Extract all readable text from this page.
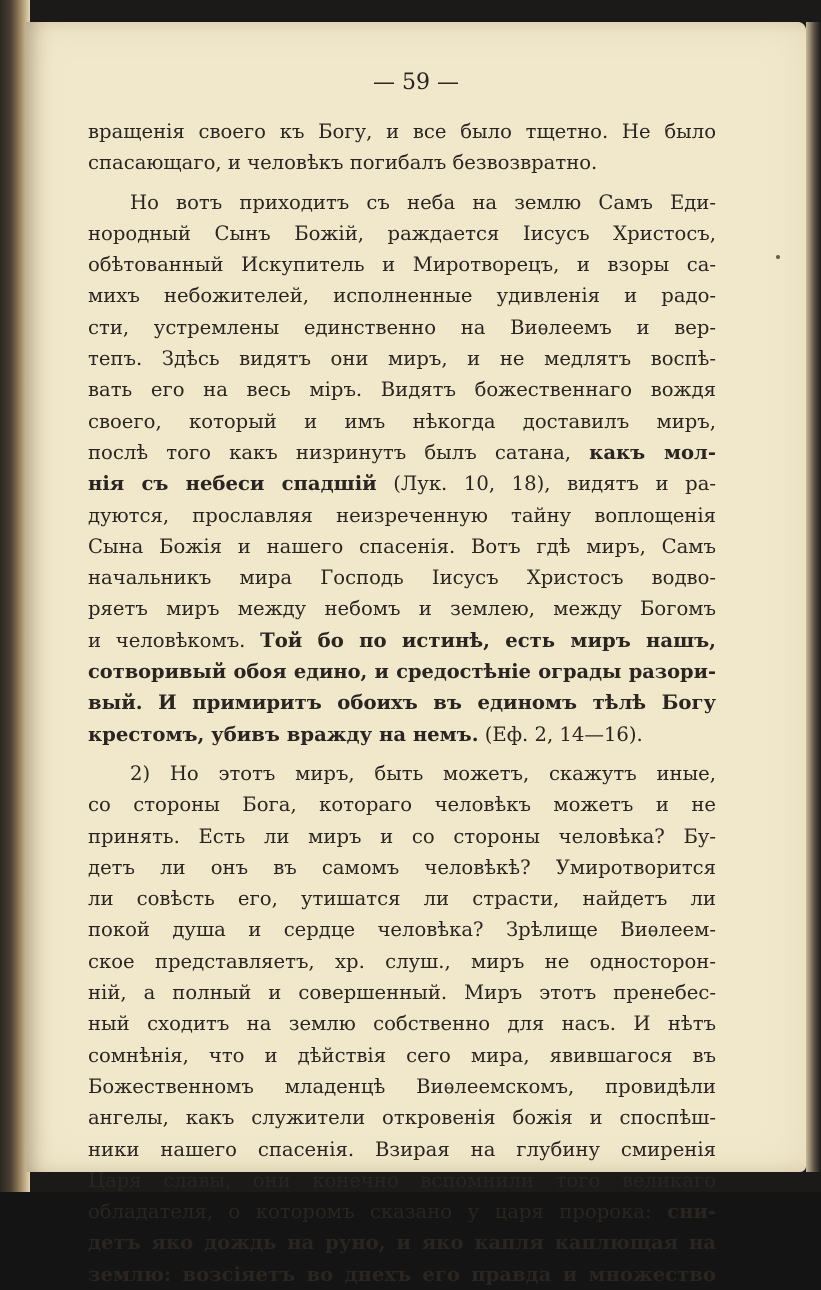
— 59 —
вращенія своего къ Богу, и все было тщетно. Не было
спасающаго, и человѣкъ погибалъ безвозвратно.
Но вотъ приходитъ съ неба на землю Самъ Еди-
нородный Сынъ Божій, раждается Іисусъ Христосъ,
обѣтованный Искупитель и Миротворецъ, и взоры са-
михъ небожителей, исполненные удивленія и радо-
сти, устремлены единственно на Виѳлеемъ и вер-
тепъ. Здѣсь видятъ они миръ, и не медлятъ воспѣ-
вать его на весь міръ. Видятъ божественнаго вождя
своего, который и имъ нѣкогда доставилъ миръ,
послѣ того какъ низринутъ былъ сатана, какъ мол-
нія съ небеси спадшій (Лук. 10, 18), видятъ и ра-
дуются, прославляя неизреченную тайну воплощенія
Сына Божія и нашего спасенія. Вотъ гдѣ миръ, Самъ
начальникъ мира Господь Іисусъ Христосъ водво-
ряетъ миръ между небомъ и землею, между Богомъ
и человѣкомъ. Той бо по истинѣ, есть миръ нашъ,
сотворивый обоя едино, и средостѣніе ограды разори-
вый. И примиритъ обоихъ въ единомъ тѣлѣ Богу
крестомъ, убивъ вражду на немъ. (Еф. 2, 14—16).
2) Но этотъ миръ, быть можетъ, скажутъ иные,
со стороны Бога, котораго человѣкъ можетъ и не
принять. Есть ли миръ и со стороны человѣка? Бу-
детъ ли онъ въ самомъ человѣкѣ? Умиротворится
ли совѣсть его, утишатся ли страсти, найдетъ ли
покой душа и сердце человѣка? Зрѣлище Виѳлеем-
ское представляетъ, хр. слуш., миръ не односторон-
ній, а полный и совершенный. Миръ этотъ пренебес-
ный сходитъ на землю собственно для насъ. И нѣтъ
сомнѣнія, что и дѣйствія сего мира, явившагося въ
Божественномъ младенцѣ Виѳлеемскомъ, провидѣли
ангелы, какъ служители откровенія божія и споспѣш-
ники нашего спасенія. Взирая на глубину смиренія
Царя славы, они конечно вспомнили того великаго
обладателя, о которомъ сказано у царя пророка: сни-
детъ яко дождь на руно, и яко капля каплющая на
землю: возсіяетъ во днехъ его правда и множество
